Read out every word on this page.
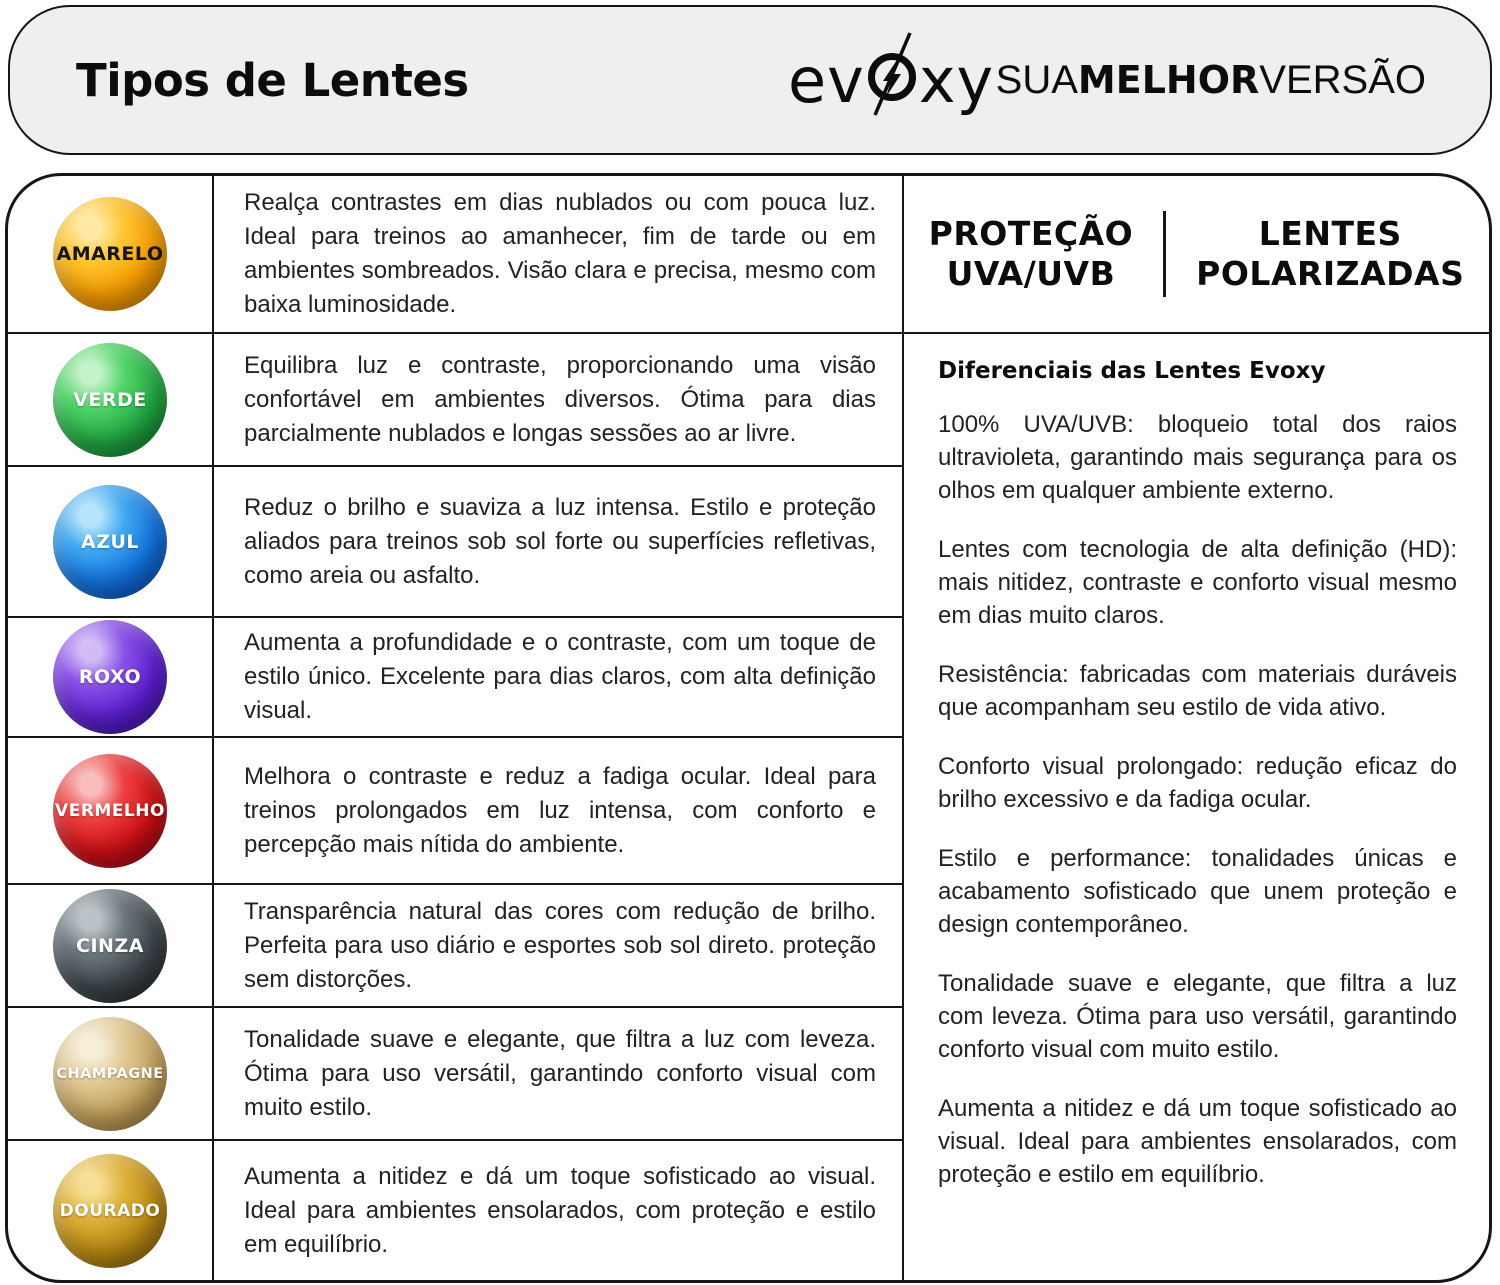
Tipos de Lentes	ev xy SUA MELHOR VERSÃO
AMARELO
Realça contrastes em dias nublados ou com pouca luz. Ideal para treinos ao amanhecer, fim de tarde ou em ambientes sombreados. Visão clara e precisa, mesmo com baixa luminosidade.
VERDE
Equilibra luz e contraste, proporcionando uma visão confortável em ambientes diversos. Ótima para dias parcialmente nublados e longas sessões ao ar livre.
AZUL
Reduz o brilho e suaviza a luz intensa. Estilo e proteção aliados para treinos sob sol forte ou superfícies refletivas, como areia ou asfalto.
ROXO
Aumenta a profundidade e o contraste, com um toque de estilo único. Excelente para dias claros, com alta definição visual.
VERMELHO
Melhora o contraste e reduz a fadiga ocular. Ideal para treinos prolongados em luz intensa, com conforto e percepção mais nítida do ambiente.
CINZA
Transparência natural das cores com redução de brilho. Perfeita para uso diário e esportes sob sol direto. proteção sem distorções.
CHAMPAGNE
Tonalidade suave e elegante, que filtra a luz com leveza. Ótima para uso versátil, garantindo conforto visual com muito estilo.
DOURADO
Aumenta a nitidez e dá um toque sofisticado ao visual. Ideal para ambientes ensolarados, com proteção e estilo em equilíbrio.
PROTEÇÃO
UVA/UVB
LENTES
POLARIZADAS

Diferenciais das Lentes Evoxy

100% UVA/UVB: bloqueio total dos raios ultravioleta, garantindo mais segurança para os olhos em qualquer ambiente externo.

Lentes com tecnologia de alta definição (HD): mais nitidez, contraste e conforto visual mesmo em dias muito claros.

Resistência: fabricadas com materiais duráveis que acompanham seu estilo de vida ativo.

Conforto visual prolongado: redução eficaz do brilho excessivo e da fadiga ocular.

Estilo e performance: tonalidades únicas e acabamento sofisticado que unem proteção e design contemporâneo.

Tonalidade suave e elegante, que filtra a luz com leveza. Ótima para uso versátil, garantindo conforto visual com muito estilo.

Aumenta a nitidez e dá um toque sofisticado ao visual. Ideal para ambientes ensolarados, com proteção e estilo em equilíbrio.
